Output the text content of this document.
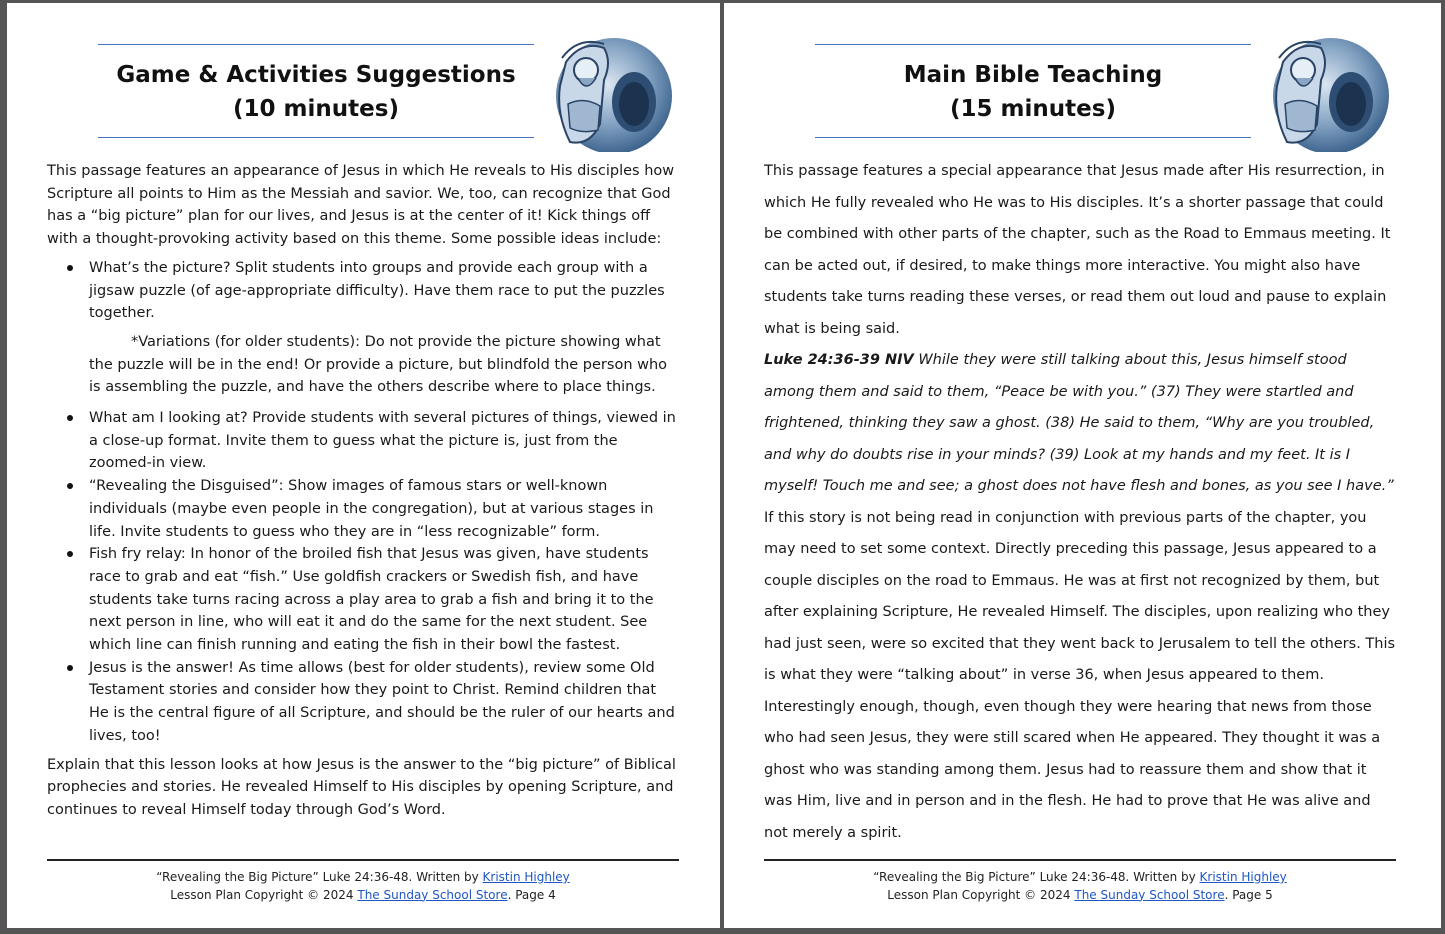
Game & Activities Suggestions
(10 minutes)

This passage features an appearance of Jesus in which He reveals to His disciples how Scripture all points to Him as the Messiah and savior. We, too, can recognize that God has a “big picture” plan for our lives, and Jesus is at the center of it! Kick things off with a thought-provoking activity based on this theme. Some possible ideas include:

What’s the picture? Split students into groups and provide each group with a jigsaw puzzle (of age-appropriate difficulty). Have them race to put the puzzles together.

*Variations (for older students): Do not provide the picture showing what the puzzle will be in the end! Or provide a picture, but blindfold the person who is assembling the puzzle, and have the others describe where to place things.

What am I looking at? Provide students with several pictures of things, viewed in a close-up format. Invite them to guess what the picture is, just from the zoomed-in view.
“Revealing the Disguised”: Show images of famous stars or well-known individuals (maybe even people in the congregation), but at various stages in life. Invite students to guess who they are in “less recognizable” form.
Fish fry relay: In honor of the broiled fish that Jesus was given, have students race to grab and eat “fish.” Use goldfish crackers or Swedish fish, and have students take turns racing across a play area to grab a fish and bring it to the next person in line, who will eat it and do the same for the next student. See which line can finish running and eating the fish in their bowl the fastest.
Jesus is the answer! As time allows (best for older students), review some Old Testament stories and consider how they point to Christ. Remind children that He is the central figure of all Scripture, and should be the ruler of our hearts and lives, too!

Explain that this lesson looks at how Jesus is the answer to the “big picture” of Biblical prophecies and stories. He revealed Himself to His disciples by opening Scripture, and continues to reveal Himself today through God’s Word.

“Revealing the Big Picture” Luke 24:36-48. Written by Kristin Highley
Lesson Plan Copyright © 2024 The Sunday School Store. Page 4
Main Bible Teaching
(15 minutes)

This passage features a special appearance that Jesus made after His resurrection, in which He fully revealed who He was to His disciples. It’s a shorter passage that could be combined with other parts of the chapter, such as the Road to Emmaus meeting. It can be acted out, if desired, to make things more interactive. You might also have students take turns reading these verses, or read them out loud and pause to explain what is being said.

Luke 24:36-39 NIV While they were still talking about this, Jesus himself stood among them and said to them, “Peace be with you.” (37) They were startled and frightened, thinking they saw a ghost. (38) He said to them, “Why are you troubled, and why do doubts rise in your minds? (39) Look at my hands and my feet. It is I myself! Touch me and see; a ghost does not have flesh and bones, as you see I have.”

If this story is not being read in conjunction with previous parts of the chapter, you may need to set some context. Directly preceding this passage, Jesus appeared to a couple disciples on the road to Emmaus. He was at first not recognized by them, but after explaining Scripture, He revealed Himself. The disciples, upon realizing who they had just seen, were so excited that they went back to Jerusalem to tell the others. This is what they were “talking about” in verse 36, when Jesus appeared to them. Interestingly enough, though, even though they were hearing that news from those who had seen Jesus, they were still scared when He appeared. They thought it was a ghost who was standing among them. Jesus had to reassure them and show that it was Him, live and in person and in the flesh. He had to prove that He was alive and not merely a spirit.

“Revealing the Big Picture” Luke 24:36-48. Written by Kristin Highley
Lesson Plan Copyright © 2024 The Sunday School Store. Page 5
